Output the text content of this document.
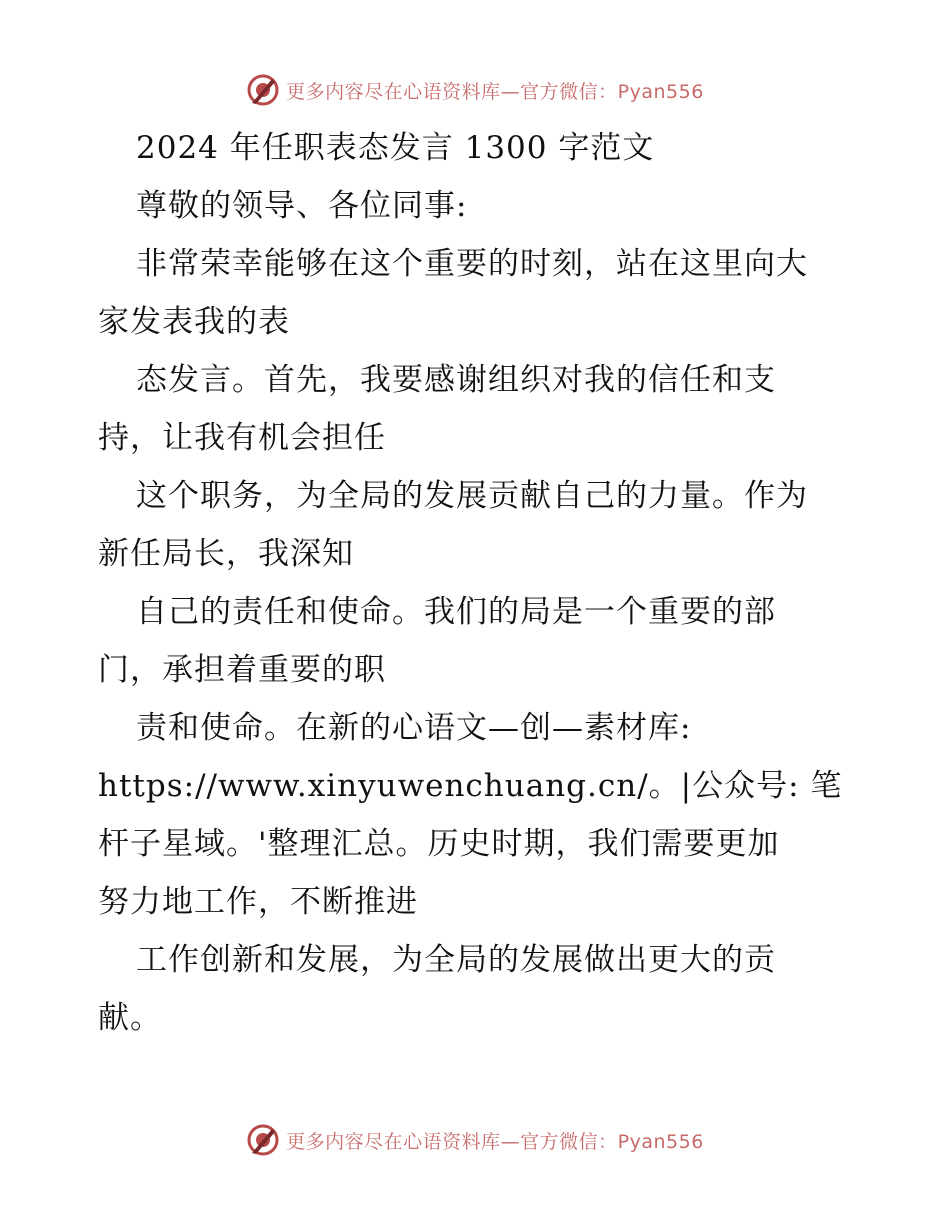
更多内容尽在心语资料库—官方微信：Pyan556
2024 年任职表态发言 1300 字范文
尊敬的领导、各位同事:
非常荣幸能够在这个重要的时刻，站在这里向大
家发表我的表
态发言。首先，我要感谢组织对我的信任和支
持，让我有机会担任
这个职务，为全局的发展贡献自己的力量。作为
新任局长，我深知
自己的责任和使命。我们的局是一个重要的部
门，承担着重要的职
责和使命。在新的心语文—创—素材库:
https://www.xinyuwenchuang.cn/。|公众号: 笔
杆子星域。'整理汇总。历史时期，我们需要更加
努力地工作，不断推进
工作创新和发展，为全局的发展做出更大的贡
献。
更多内容尽在心语资料库—官方微信：Pyan556
